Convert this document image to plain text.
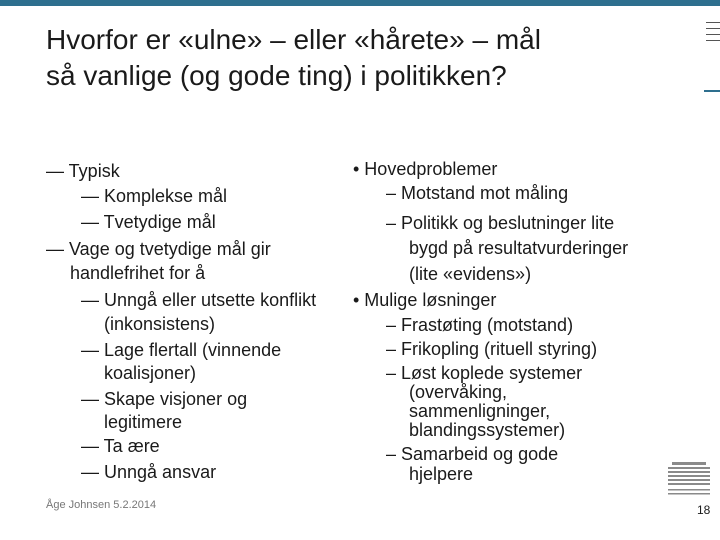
Hvorfor er «ulne» – eller «hårete» – mål
så vanlige (og gode ting) i politikken?
— Typisk
— Komplekse mål
— Tvetydige mål
— Vage og tvetydige mål gir
handlefrihet for å
— Unngå eller utsette konflikt
(inkonsistens)
— Lage flertall (vinnende
koalisjoner)
— Skape visjoner og
legitimere
— Ta ære
— Unngå ansvar
• Hovedproblemer
– Motstand mot måling
– Politikk og beslutninger lite
bygd på resultatvurderinger
(lite «evidens»)
• Mulige løsninger
– Frastøting (motstand)
– Frikopling (rituell styring)
– Løst koplede systemer
(overvåking,
sammenligninger,
blandingssystemer)
– Samarbeid og gode
hjelpere
Åge Johnsen 5.2.2014	18
